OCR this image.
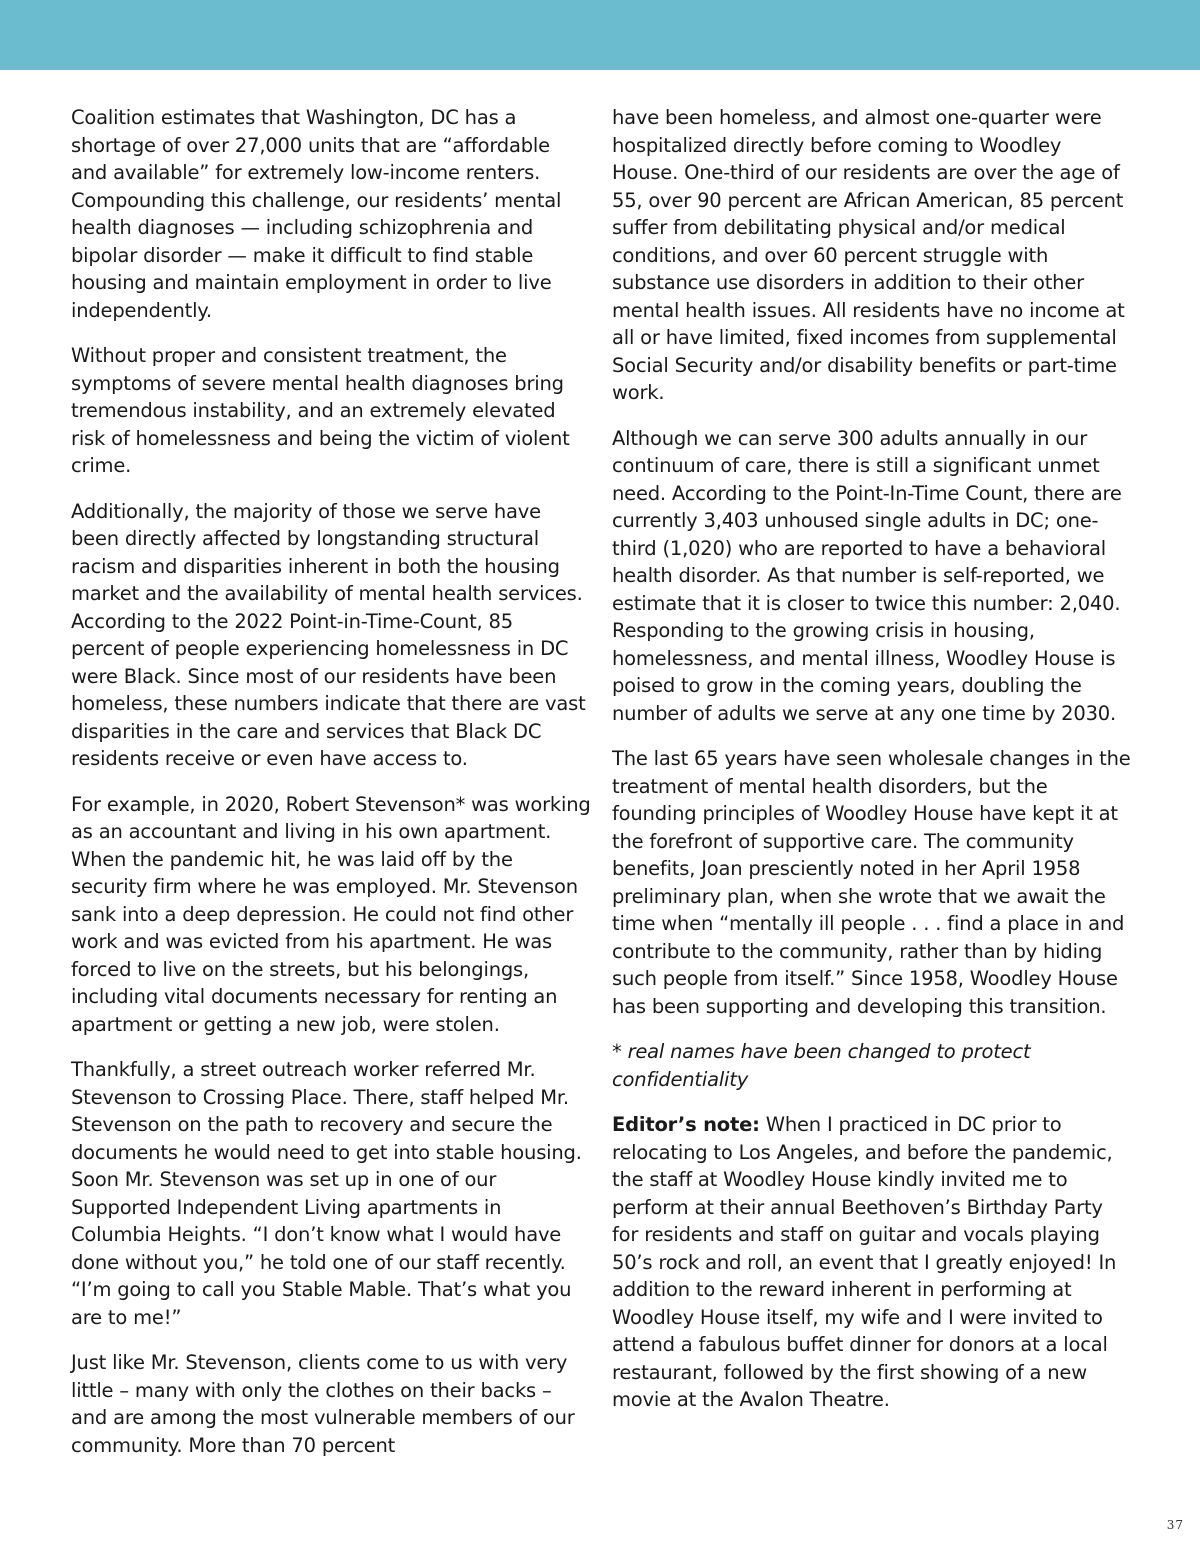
Coalition estimates that Washington, DC has a shortage of over 27,000 units that are “affordable and available” for extremely low-income renters. Compounding this challenge, our residents’ mental health diagnoses — including schizophrenia and bipolar disorder — make it difficult to find stable housing and maintain employment in order to live independently.

Without proper and consistent treatment, the symptoms of severe mental health diagnoses bring tremendous instability, and an extremely elevated risk of homelessness and being the victim of violent crime.

Additionally, the majority of those we serve have been directly affected by longstanding structural racism and disparities inherent in both the housing market and the availability of mental health services. According to the 2022 Point-in-Time-Count, 85 percent of people experiencing homelessness in DC were Black. Since most of our residents have been homeless, these numbers indicate that there are vast disparities in the care and services that Black DC residents receive or even have access to.

For example, in 2020, Robert Stevenson* was working as an accountant and living in his own apartment. When the pandemic hit, he was laid off by the security firm where he was employed. Mr. Stevenson sank into a deep depression. He could not find other work and was evicted from his apartment. He was forced to live on the streets, but his belongings, including vital documents necessary for renting an apartment or getting a new job, were stolen.

Thankfully, a street outreach worker referred Mr. Stevenson to Crossing Place. There, staff helped Mr. Stevenson on the path to recovery and secure the documents he would need to get into stable housing. Soon Mr. Stevenson was set up in one of our Supported Independent Living apartments in Columbia Heights. “I don’t know what I would have done without you,” he told one of our staff recently. “I’m going to call you Stable Mable. That’s what you are to me!”

Just like Mr. Stevenson, clients come to us with very little – many with only the clothes on their backs – and are among the most vulnerable members of our community. More than 70 percent

have been homeless, and almost one-quarter were hospitalized directly before coming to Woodley House. One-third of our residents are over the age of 55, over 90 percent are African American, 85 percent suffer from debilitating physical and/or medical conditions, and over 60 percent struggle with substance use disorders in addition to their other mental health issues. All residents have no income at all or have limited, fixed incomes from supplemental Social Security and/or disability benefits or part-time work.

Although we can serve 300 adults annually in our continuum of care, there is still a significant unmet need. According to the Point-In-Time Count, there are currently 3,403 unhoused single adults in DC; one-third (1,020) who are reported to have a behavioral health disorder. As that number is self-reported, we estimate that it is closer to twice this number: 2,040. Responding to the growing crisis in housing, homelessness, and mental illness, Woodley House is poised to grow in the coming years, doubling the number of adults we serve at any one time by 2030.

The last 65 years have seen wholesale changes in the treatment of mental health disorders, but the founding principles of Woodley House have kept it at the forefront of supportive care. The community benefits, Joan presciently noted in her April 1958 preliminary plan, when she wrote that we await the time when “mentally ill people . . . find a place in and contribute to the community, rather than by hiding such people from itself.” Since 1958, Woodley House has been supporting and developing this transition.

* real names have been changed to protect confidentiality

Editor’s note: When I practiced in DC prior to relocating to Los Angeles, and before the pandemic, the staff at Woodley House kindly invited me to perform at their annual Beethoven’s Birthday Party for residents and staff on guitar and vocals playing 50’s rock and roll, an event that I greatly enjoyed! In addition to the reward inherent in performing at Woodley House itself, my wife and I were invited to attend a fabulous buffet dinner for donors at a local restaurant, followed by the first showing of a new movie at the Avalon Theatre.

37
